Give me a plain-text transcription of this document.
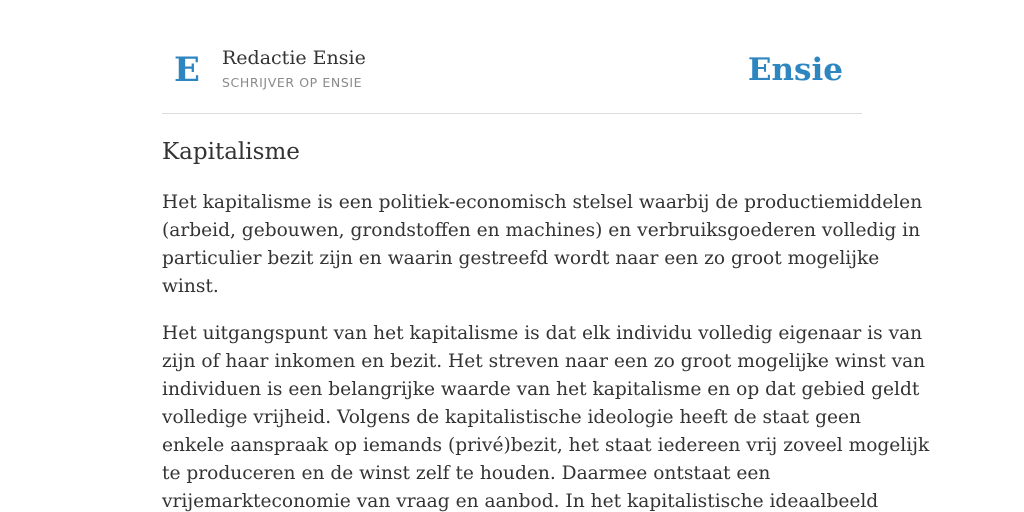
E Redactie Ensie
SCHRIJVER OP ENSIE	Ensie
Kapitalisme

Het kapitalisme is een politiek-economisch stelsel waarbij de productiemiddelen
(arbeid, gebouwen, grondstoffen en machines) en verbruiksgoederen volledig in
particulier bezit zijn en waarin gestreefd wordt naar een zo groot mogelijke
winst.

Het uitgangspunt van het kapitalisme is dat elk individu volledig eigenaar is van
zijn of haar inkomen en bezit. Het streven naar een zo groot mogelijke winst van
individuen is een belangrijke waarde van het kapitalisme en op dat gebied geldt
volledige vrijheid. Volgens de kapitalistische ideologie heeft de staat geen
enkele aanspraak op iemands (privé)bezit, het staat iedereen vrij zoveel mogelijk
te produceren en de winst zelf te houden. Daarmee ontstaat een
vrijemarkteconomie van vraag en aanbod. In het kapitalistische ideaalbeeld
